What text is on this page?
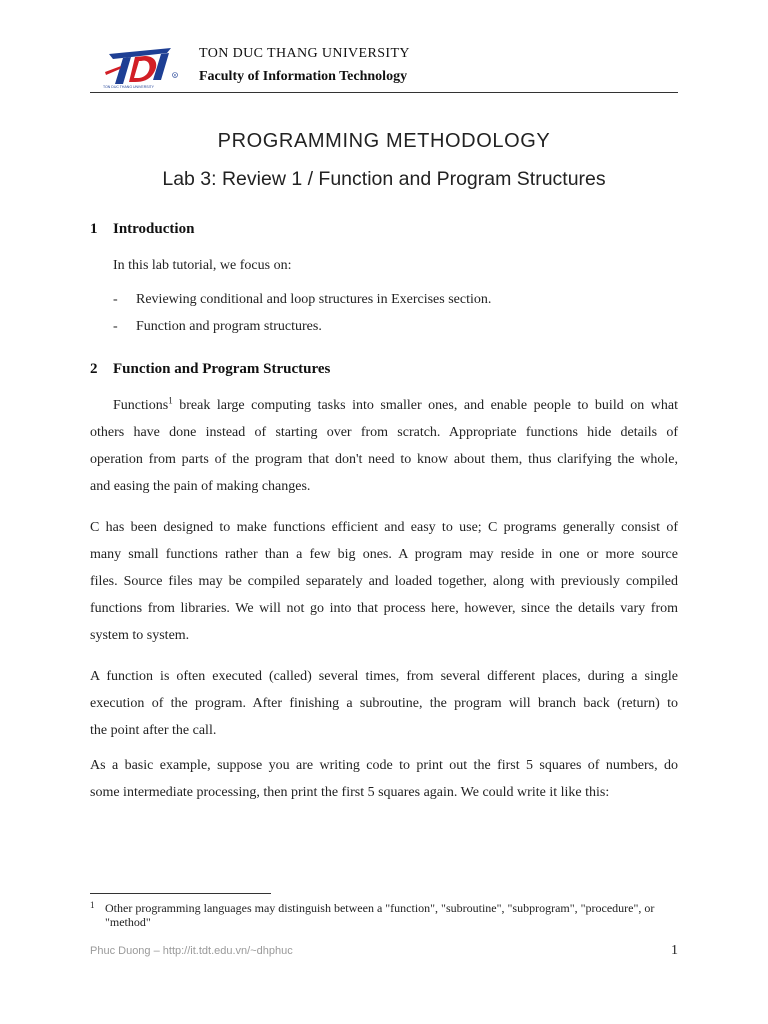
TON DUC THANG UNIVERSITY
R
TON DUC THANG UNIVERSITY
Faculty of Information Technology
PROGRAMMING METHODOLOGY
Lab 3: Review 1 / Function and Program Structures
1 Introduction
In this lab tutorial, we focus on:
- Reviewing conditional and loop structures in Exercises section.
- Function and program structures.
2 Function and Program Structures
Functions$^1$ break large computing tasks into smaller ones, and enable people to build on what
others have done instead of starting over from scratch. Appropriate functions hide details of
operation from parts of the program that don't need to know about them, thus clarifying the whole,
and easing the pain of making changes.
C has been designed to make functions efficient and easy to use; C programs generally consist of
many small functions rather than a few big ones. A program may reside in one or more source
files. Source files may be compiled separately and loaded together, along with previously compiled
functions from libraries. We will not go into that process here, however, since the details vary from
system to system.
A function is often executed (called) several times, from several different places, during a single
execution of the program. After finishing a subroutine, the program will branch back (return) to
the point after the call.
As a basic example, suppose you are writing code to print out the first 5 squares of numbers, do
some intermediate processing, then print the first 5 squares again. We could write it like this:
1 Other programming languages may distinguish between a "function", "subroutine", "subprogram", "procedure", or "method"
Phuc Duong – http://it.tdt.edu.vn/~dhphuc	1
